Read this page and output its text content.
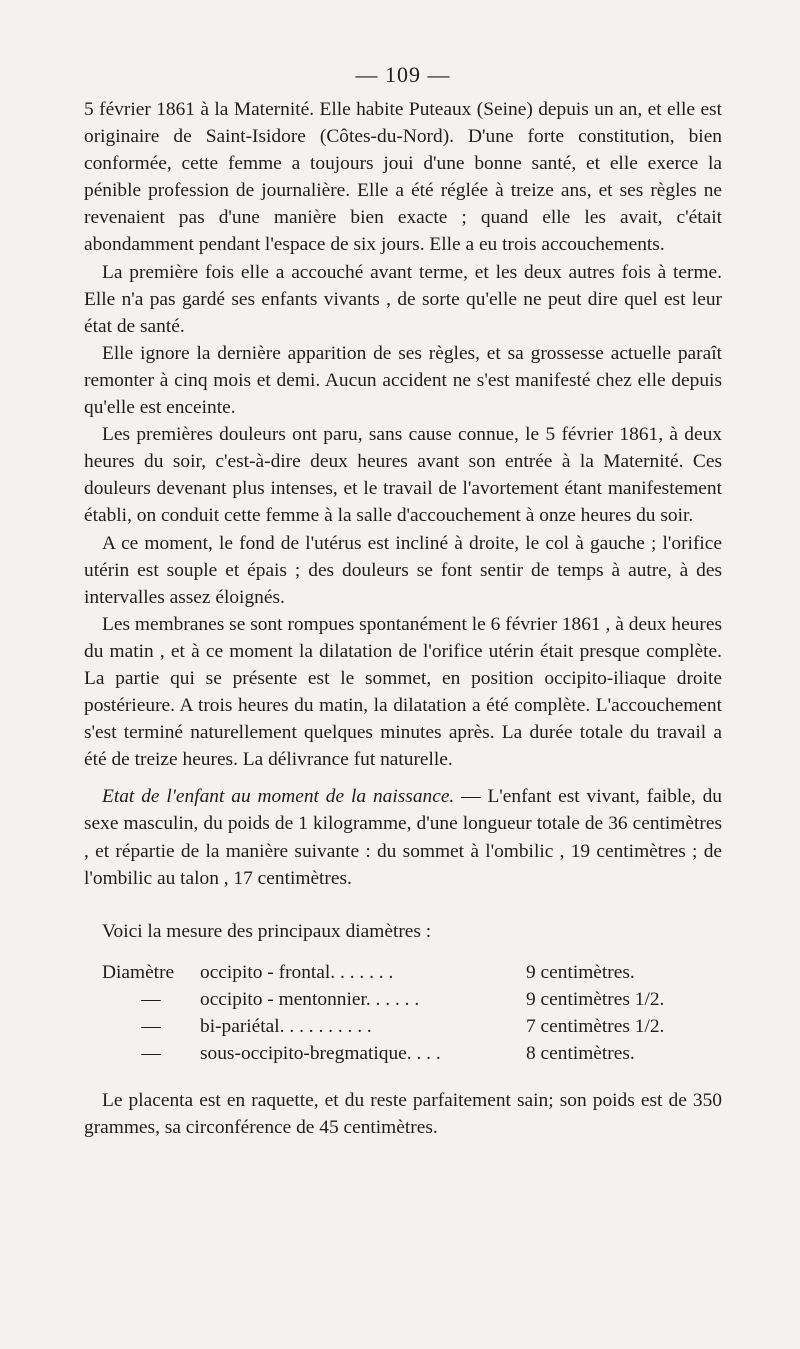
— 109 —

5 février 1861 à la Maternité. Elle habite Puteaux (Seine) depuis un an, et elle est originaire de Saint-Isidore (Côtes-du-Nord). D'une forte constitution, bien conformée, cette femme a toujours joui d'une bonne santé, et elle exerce la pénible profession de journalière. Elle a été réglée à treize ans, et ses règles ne revenaient pas d'une manière bien exacte ; quand elle les avait, c'était abondamment pendant l'espace de six jours. Elle a eu trois accouchements.

La première fois elle a accouché avant terme, et les deux autres fois à terme. Elle n'a pas gardé ses enfants vivants , de sorte qu'elle ne peut dire quel est leur état de santé.

Elle ignore la dernière apparition de ses règles, et sa grossesse actuelle paraît remonter à cinq mois et demi. Aucun accident ne s'est manifesté chez elle depuis qu'elle est enceinte.

Les premières douleurs ont paru, sans cause connue, le 5 février 1861, à deux heures du soir, c'est-à-dire deux heures avant son entrée à la Maternité. Ces douleurs devenant plus intenses, et le travail de l'avortement étant manifestement établi, on conduit cette femme à la salle d'accouchement à onze heures du soir.

A ce moment, le fond de l'utérus est incliné à droite, le col à gauche ; l'orifice utérin est souple et épais ; des douleurs se font sentir de temps à autre, à des intervalles assez éloignés.

Les membranes se sont rompues spontanément le 6 février 1861 , à deux heures du matin , et à ce moment la dilatation de l'orifice utérin était presque complète. La partie qui se présente est le sommet, en position occipito-iliaque droite postérieure. A trois heures du matin, la dilatation a été complète. L'accouchement s'est terminé naturellement quelques minutes après. La durée totale du travail a été de treize heures. La délivrance fut naturelle.

Etat de l'enfant au moment de la naissance. — L'enfant est vivant, faible, du sexe masculin, du poids de 1 kilogramme, d'une longueur totale de 36 centimètres , et répartie de la manière suivante : du sommet à l'ombilic , 19 centimètres ; de l'ombilic au talon , 17 centimètres.

Voici la mesure des principaux diamètres :

Diamètre	occipito - frontal. . . . . . .	9 centimètres.
—	occipito - mentonnier. . . . . .	9 centimètres 1/2.
—	bi-pariétal. . . . . . . . . .	7 centimètres 1/2.
—	sous-occipito-bregmatique. . . .	8 centimètres.

Le placenta est en raquette, et du reste parfaitement sain; son poids est de 350 grammes, sa circonférence de 45 centimètres.
